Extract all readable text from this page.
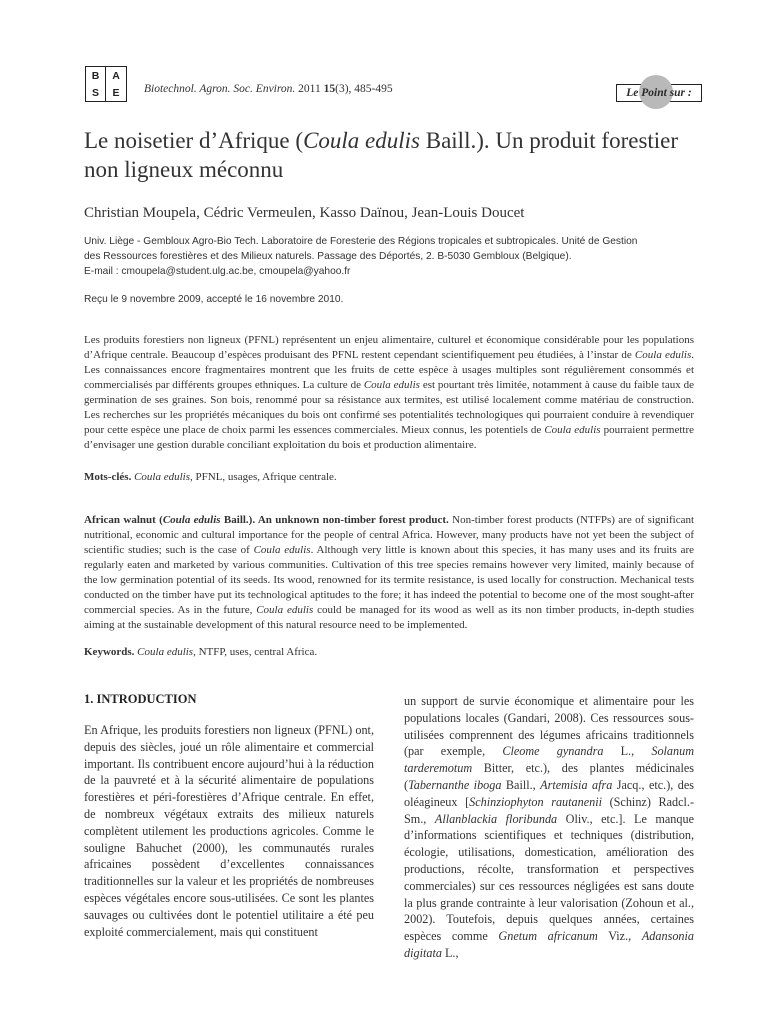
B	A
S	E	Biotechnol. Agron. Soc. Environ. 2011 15(3), 485-495	Le Point sur :
Le noisetier d’Afrique (Coula edulis Baill.). Un produit forestier non ligneux méconnu
Christian Moupela, Cédric Vermeulen, Kasso Daïnou, Jean-Louis Doucet
Univ. Liège - Gembloux Agro-Bio Tech. Laboratoire de Foresterie des Régions tropicales et subtropicales. Unité de Gestion
des Ressources forestières et des Milieux naturels. Passage des Déportés, 2. B-5030 Gembloux (Belgique).
E-mail : cmoupela@student.ulg.ac.be, cmoupela@yahoo.fr
Reçu le 9 novembre 2009, accepté le 16 novembre 2010.

Les produits forestiers non ligneux (PFNL) représentent un enjeu alimentaire, culturel et économique considérable pour les populations d’Afrique centrale. Beaucoup d’espèces produisant des PFNL restent cependant scientifiquement peu étudiées, à l’instar de Coula edulis. Les connaissances encore fragmentaires montrent que les fruits de cette espèce à usages multiples sont régulièrement consommés et commercialisés par différents groupes ethniques. La culture de Coula edulis est pourtant très limitée, notamment à cause du faible taux de germination de ses graines. Son bois, renommé pour sa résistance aux termites, est utilisé localement comme matériau de construction. Les recherches sur les propriétés mécaniques du bois ont confirmé ses potentialités technologiques qui pourraient conduire à revendiquer pour cette espèce une place de choix parmi les essences commerciales. Mieux connus, les potentiels de Coula edulis pourraient permettre d’envisager une gestion durable conciliant exploitation du bois et production alimentaire.

Mots-clés. Coula edulis, PFNL, usages, Afrique centrale.

African walnut (Coula edulis Baill.). An unknown non-timber forest product. Non-timber forest products (NTFPs) are of significant nutritional, economic and cultural importance for the people of central Africa. However, many products have not yet been the subject of scientific studies; such is the case of Coula edulis. Although very little is known about this species, it has many uses and its fruits are regularly eaten and marketed by various communities. Cultivation of this tree species remains however very limited, mainly because of the low germination potential of its seeds. Its wood, renowned for its termite resistance, is used locally for construction. Mechanical tests conducted on the timber have put its technological aptitudes to the fore; it has indeed the potential to become one of the most sought-after commercial species. As in the future, Coula edulis could be managed for its wood as well as its non timber products, in-depth studies aiming at the sustainable development of this natural resource need to be implemented.

Keywords. Coula edulis, NTFP, uses, central Africa.
1. INTRODUCTION

En Afrique, les produits forestiers non ligneux (PFNL) ont, depuis des siècles, joué un rôle alimentaire et commercial important. Ils contribuent encore aujourd’hui à la réduction de la pauvreté et à la sécurité alimentaire de populations forestières et péri-forestières d’Afrique centrale. En effet, de nombreux végétaux extraits des milieux naturels complètent utilement les productions agricoles. Comme le souligne Bahuchet (2000), les communautés rurales africaines possèdent d’excellentes connaissances traditionnelles sur la valeur et les propriétés de nombreuses espèces végétales encore sous-utilisées. Ce sont les plantes sauvages ou cultivées dont le potentiel utilitaire a été peu exploité commercialement, mais qui constituent

un support de survie économique et alimentaire pour les populations locales (Gandari, 2008). Ces ressources sous-utilisées comprennent des légumes africains traditionnels (par exemple, Cleome gynandra L., Solanum tarderemotum Bitter, etc.), des plantes médicinales (Tabernanthe iboga Baill., Artemisia afra Jacq., etc.), des oléagineux [Schinziophyton rautanenii (Schinz) Radcl.-Sm., Allanblackia floribunda Oliv., etc.]. Le manque d’informations scientifiques et techniques (distribution, écologie, utilisations, domestication, amélioration des productions, récolte, transformation et perspectives commerciales) sur ces ressources négligées est sans doute la plus grande contrainte à leur valorisation (Zohoun et al., 2002). Toutefois, depuis quelques années, certaines espèces comme Gnetum africanum Viz., Adansonia digitata L.,
